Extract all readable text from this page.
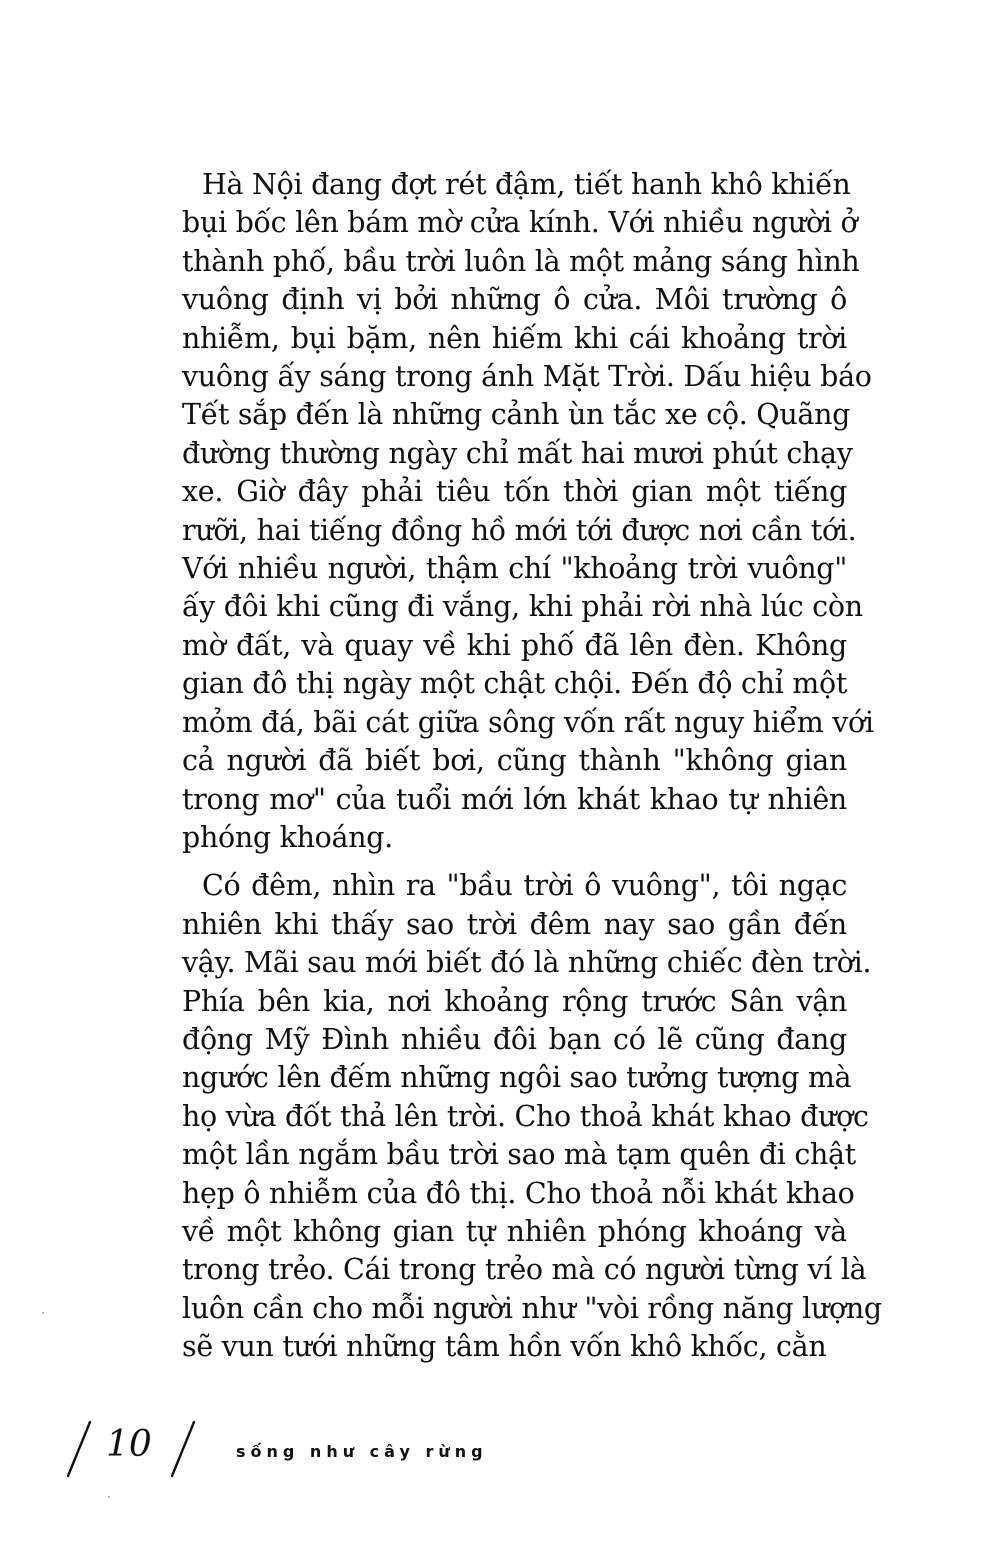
Hà Nội đang đợt rét đậm, tiết hanh khô khiến
bụi bốc lên bám mờ cửa kính. Với nhiều người ở
thành phố, bầu trời luôn là một mảng sáng hình
vuông định vị bởi những ô cửa. Môi trường ô
nhiễm, bụi bặm, nên hiếm khi cái khoảng trời
vuông ấy sáng trong ánh Mặt Trời. Dấu hiệu báo
Tết sắp đến là những cảnh ùn tắc xe cộ. Quãng
đường thường ngày chỉ mất hai mươi phút chạy
xe. Giờ đây phải tiêu tốn thời gian một tiếng
rưỡi, hai tiếng đồng hồ mới tới được nơi cần tới.
Với nhiều người, thậm chí "khoảng trời vuông"
ấy đôi khi cũng đi vắng, khi phải rời nhà lúc còn
mờ đất, và quay về khi phố đã lên đèn. Không
gian đô thị ngày một chật chội. Đến độ chỉ một
mỏm đá, bãi cát giữa sông vốn rất nguy hiểm với
cả người đã biết bơi, cũng thành "không gian
trong mơ" của tuổi mới lớn khát khao tự nhiên
phóng khoáng.

Có đêm, nhìn ra "bầu trời ô vuông", tôi ngạc
nhiên khi thấy sao trời đêm nay sao gần đến
vậy. Mãi sau mới biết đó là những chiếc đèn trời.
Phía bên kia, nơi khoảng rộng trước Sân vận
động Mỹ Đình nhiều đôi bạn có lẽ cũng đang
ngước lên đếm những ngôi sao tưởng tượng mà
họ vừa đốt thả lên trời. Cho thoả khát khao được
một lần ngắm bầu trời sao mà tạm quên đi chật
hẹp ô nhiễm của đô thị. Cho thoả nỗi khát khao
về một không gian tự nhiên phóng khoáng và
trong trẻo. Cái trong trẻo mà có người từng ví là
luôn cần cho mỗi người như "vòi rồng năng lượng
sẽ vun tưới những tâm hồn vốn khô khốc, cằn

10	sống như cây rừng
